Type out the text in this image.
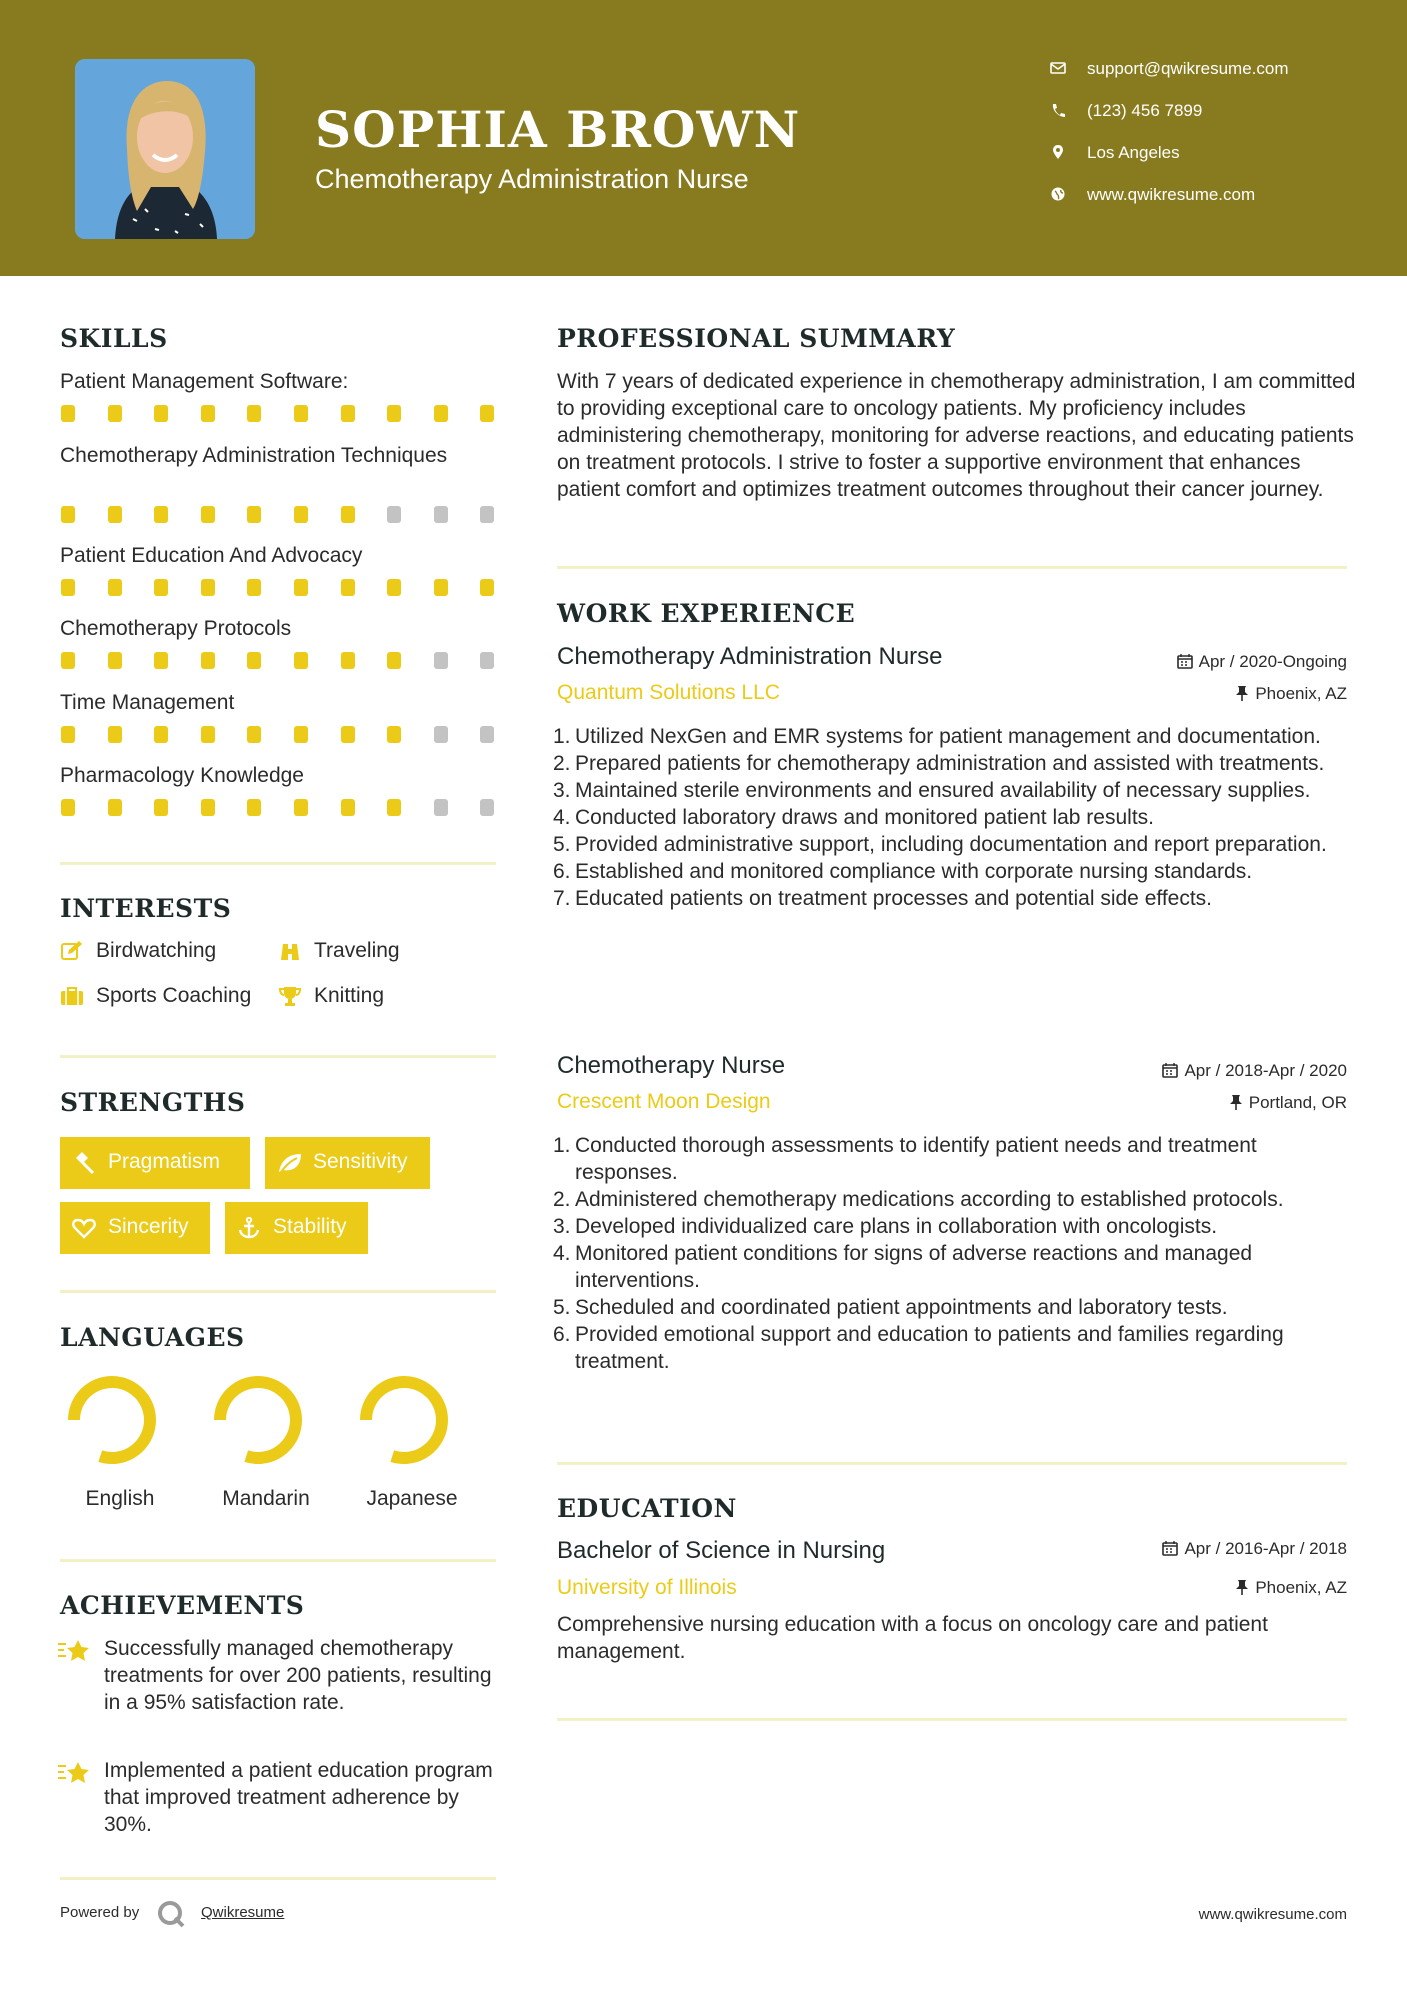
SOPHIA BROWN
Chemotherapy Administration Nurse
support@qwikresume.com
(123) 456 7899
Los Angeles
www.qwikresume.com
SKILLS
Patient Management Software:
Chemotherapy Administration Techniques
Patient Education And Advocacy
Chemotherapy Protocols
Time Management
Pharmacology Knowledge
INTERESTS
Birdwatching	Traveling
Sports Coaching	Knitting
STRENGTHS
Pragmatism	Sensitivity
Sincerity	Stability
LANGUAGES
English	Mandarin	Japanese
ACHIEVEMENTS
Successfully managed chemotherapy treatments for over 200 patients, resulting in a 95% satisfaction rate.
Implemented a patient education program that improved treatment adherence by 30%.
PROFESSIONAL SUMMARY
With 7 years of dedicated experience in chemotherapy administration, I am committed to providing exceptional care to oncology patients. My proficiency includes administering chemotherapy, monitoring for adverse reactions, and educating patients on treatment protocols. I strive to foster a supportive environment that enhances patient comfort and optimizes treatment outcomes throughout their cancer journey.
WORK EXPERIENCE
Chemotherapy Administration Nurse	Apr / 2020-Ongoing
Quantum Solutions LLC	Phoenix, AZ
1. Utilized NexGen and EMR systems for patient management and documentation.
2. Prepared patients for chemotherapy administration and assisted with treatments.
3. Maintained sterile environments and ensured availability of necessary supplies.
4. Conducted laboratory draws and monitored patient lab results.
5. Provided administrative support, including documentation and report preparation.
6. Established and monitored compliance with corporate nursing standards.
7. Educated patients on treatment processes and potential side effects.
Chemotherapy Nurse	Apr / 2018-Apr / 2020
Crescent Moon Design	Portland, OR
1. Conducted thorough assessments to identify patient needs and treatment responses.
2. Administered chemotherapy medications according to established protocols.
3. Developed individualized care plans in collaboration with oncologists.
4. Monitored patient conditions for signs of adverse reactions and managed interventions.
5. Scheduled and coordinated patient appointments and laboratory tests.
6. Provided emotional support and education to patients and families regarding treatment.
EDUCATION
Bachelor of Science in Nursing	Apr / 2016-Apr / 2018
University of Illinois	Phoenix, AZ
Comprehensive nursing education with a focus on oncology care and patient management.
Powered by	Qwikresume	www.qwikresume.com
